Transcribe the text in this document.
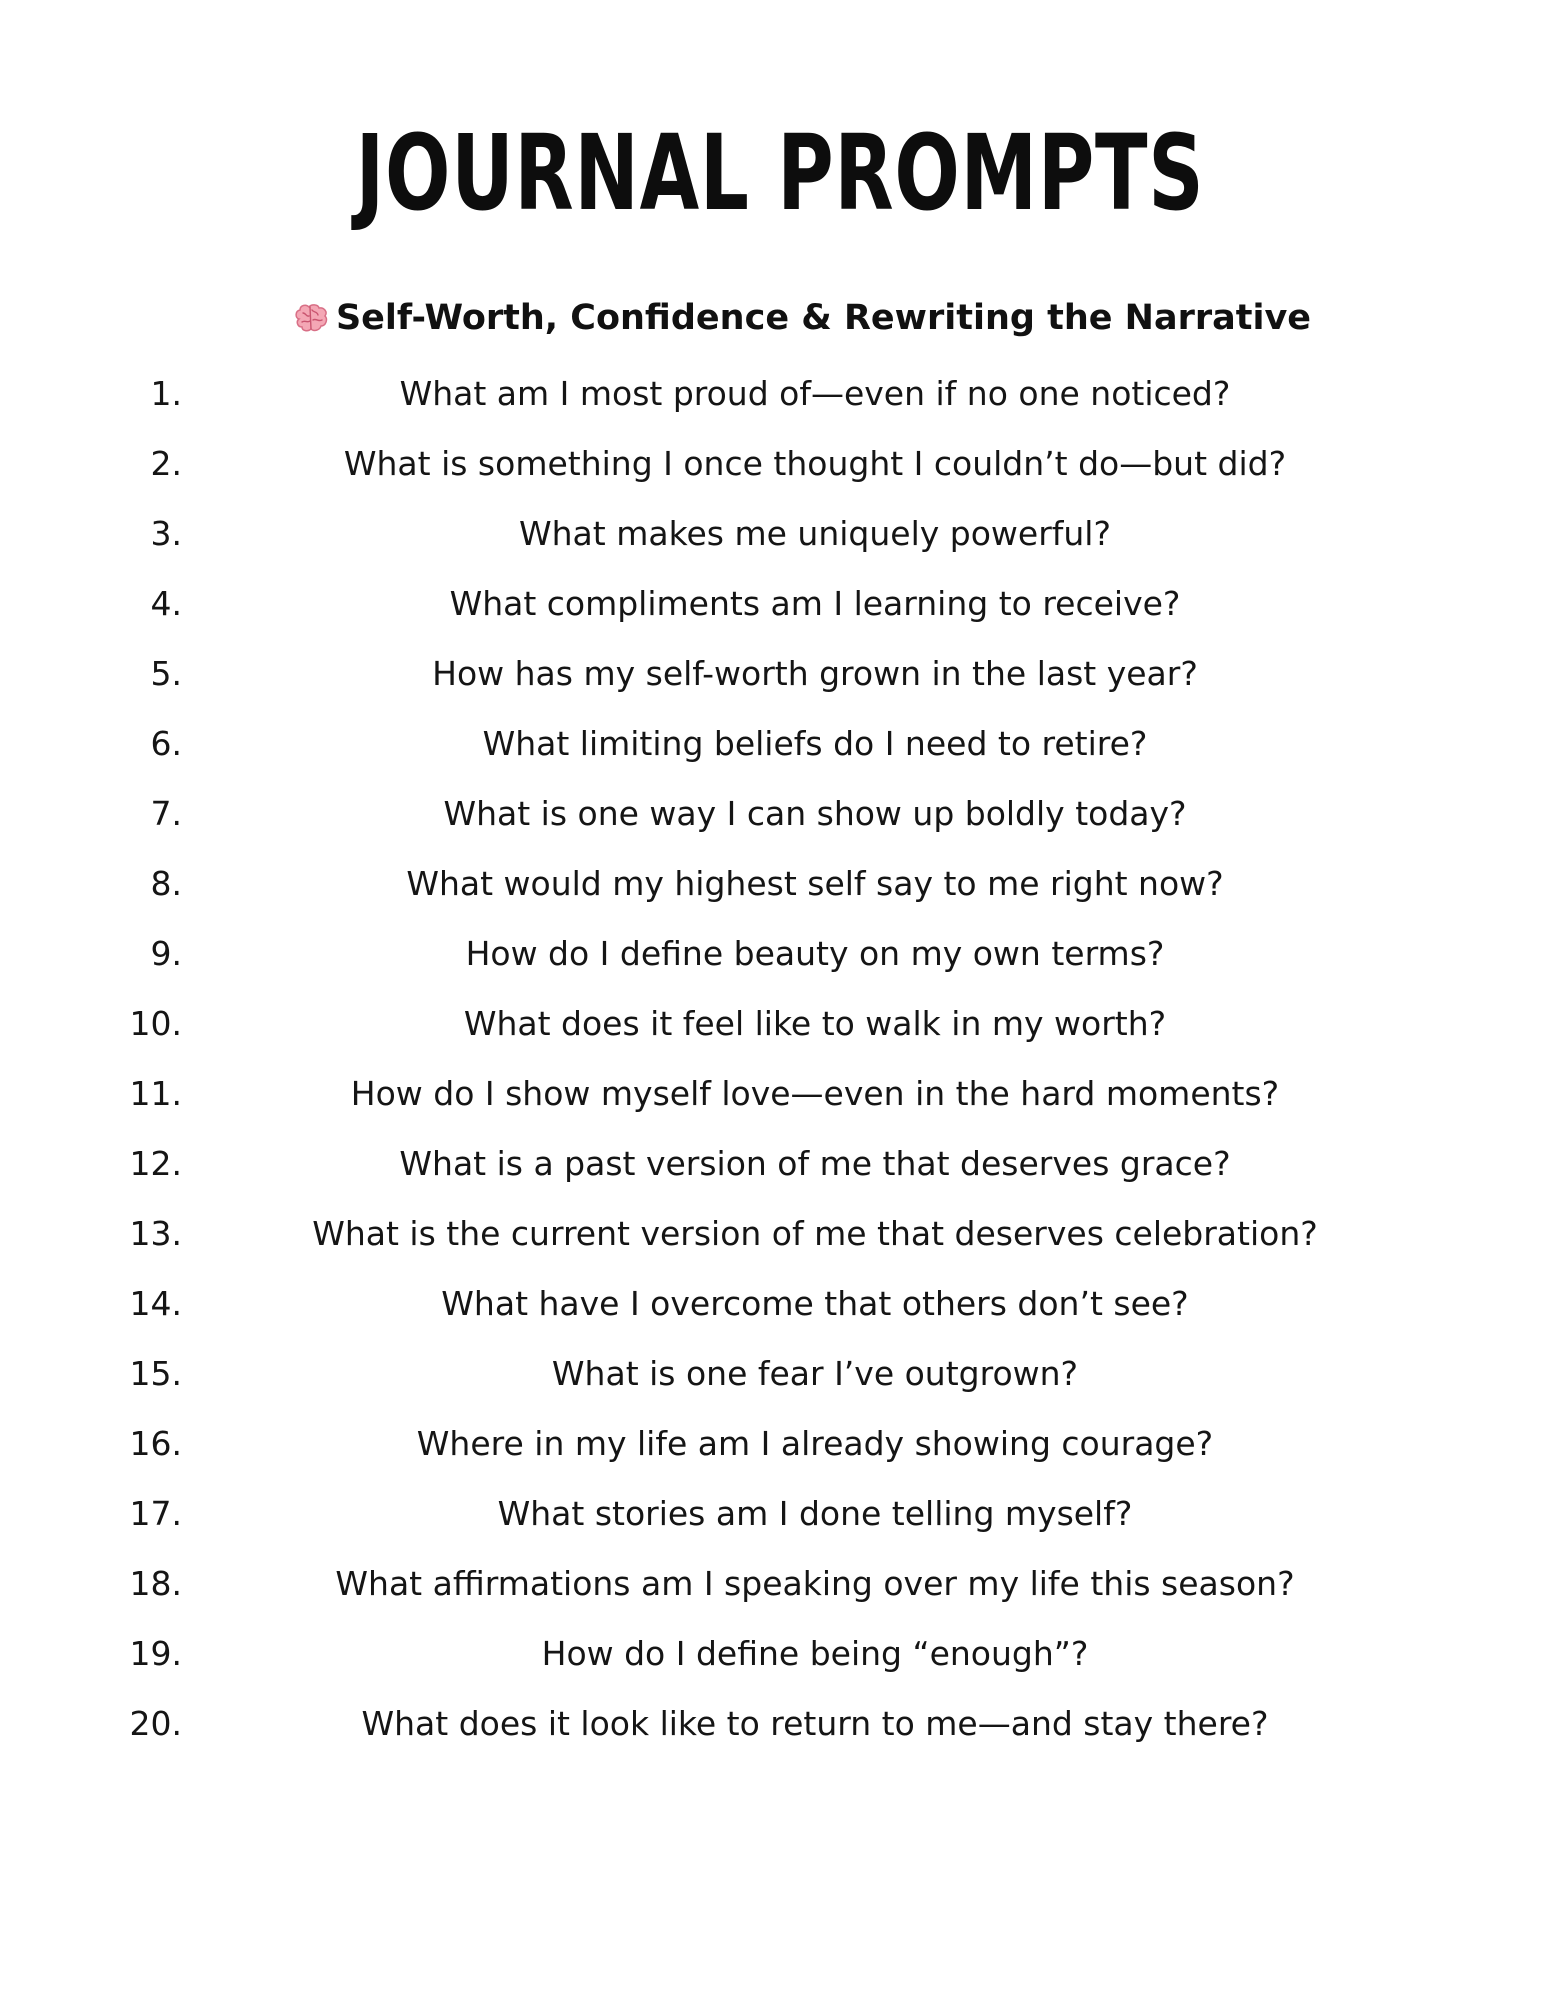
JOURNAL PROMPTS
Self-Worth, Confidence & Rewriting the Narrative
1.	What am I most proud of—even if no one noticed?
2.	What is something I once thought I couldn’t do—but did?
3.	What makes me uniquely powerful?
4.	What compliments am I learning to receive?
5.	How has my self-worth grown in the last year?
6.	What limiting beliefs do I need to retire?
7.	What is one way I can show up boldly today?
8.	What would my highest self say to me right now?
9.	How do I define beauty on my own terms?
10.	What does it feel like to walk in my worth?
11.	How do I show myself love—even in the hard moments?
12.	What is a past version of me that deserves grace?
13.	What is the current version of me that deserves celebration?
14.	What have I overcome that others don’t see?
15.	What is one fear I’ve outgrown?
16.	Where in my life am I already showing courage?
17.	What stories am I done telling myself?
18.	What affirmations am I speaking over my life this season?
19.	How do I define being “enough”?
20.	What does it look like to return to me—and stay there?
